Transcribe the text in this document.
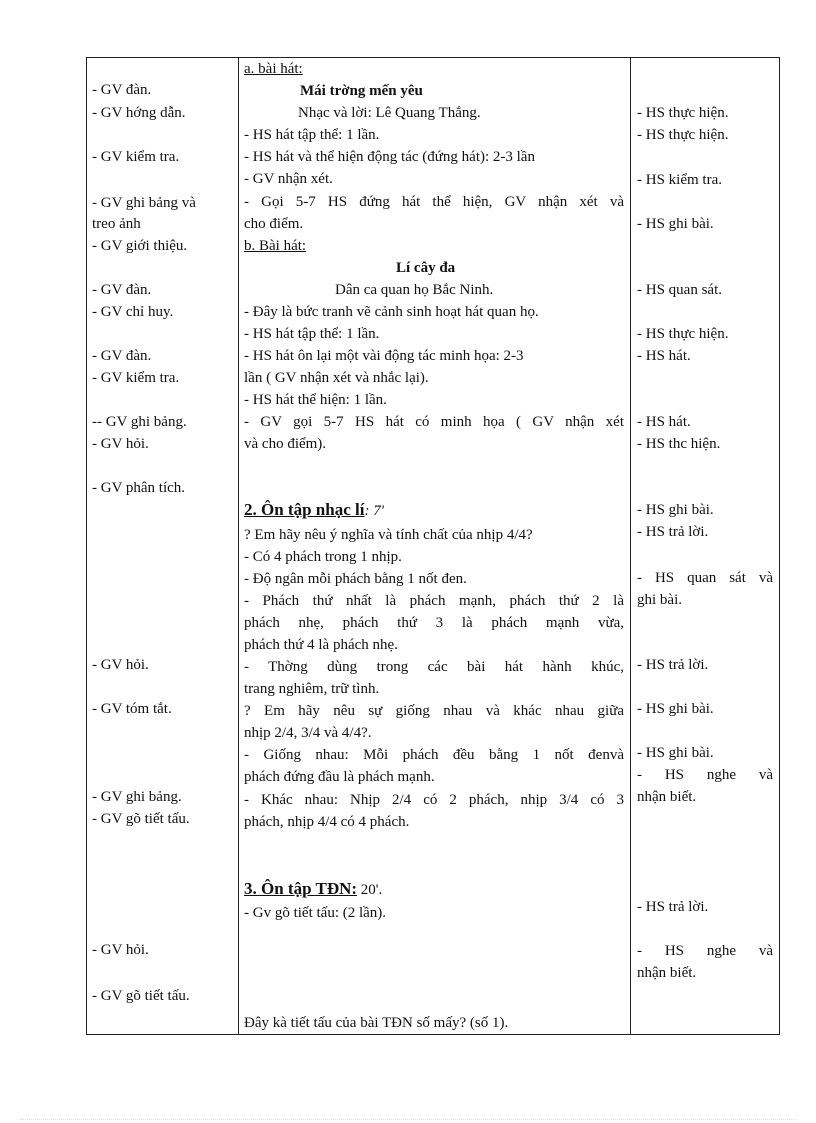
- GV đàn.
- GV hớng dẫn.
- GV kiểm tra.
- GV ghi bảng và
treo ảnh
- GV giới thiệu.
- GV đàn.
- GV chỉ huy.
- GV đàn.
- GV kiểm tra.
-- GV ghi bảng.
- GV hỏi.
- GV phân tích.
- GV hỏi.
- GV tóm tắt.
- GV ghi bảng.
- GV gõ tiết tấu.
- GV hỏi.
- GV gõ tiết tấu.
a. bài hát:
Mái trờng mến yêu
Nhạc và lời: Lê Quang Thắng.
- HS hát tập thể: 1 lần.
- HS hát và thể hiện động tác (đứng hát): 2-3 lần
- GV nhận xét.
- Gọi 5-7 HS đứng hát thể hiện, GV nhận xét và
cho điểm.
b. Bài hát:
Lí cây đa
Dân ca quan họ Bắc Ninh.
- Đây là bức tranh vẽ cảnh sinh hoạt hát quan họ.
- HS hát tập thể: 1 lần.
- HS hát ôn lại một vài động tác minh họa: 2-3
lần ( GV nhận xét và nhắc lại).
- HS hát thể hiện: 1 lần.
- GV gọi 5-7 HS hát có minh họa ( GV nhận xét
và cho điểm).
2. Ôn tập nhạc lí: 7'
? Em hãy nêu ý nghĩa và tính chất của nhịp 4/4?
- Có 4 phách trong 1 nhịp.
- Độ ngân mỗi phách bằng 1 nốt đen.
- Phách thứ nhất là phách mạnh, phách thứ 2 là
phách nhẹ, phách thứ 3 là phách mạnh vừa,
phách thứ 4 là phách nhẹ.
- Thờng dùng trong các bài hát hành khúc,
trang nghiêm, trữ tình.
? Em hãy nêu sự giống nhau và khác nhau giữa
nhịp 2/4, 3/4 và 4/4?.
- Giống nhau: Mỗi phách đều bằng 1 nốt đenvà
phách đứng đầu là phách mạnh.
- Khác nhau: Nhịp 2/4 có 2 phách, nhịp 3/4 có 3
phách, nhịp 4/4 có 4 phách.
3. Ôn tập TĐN: 20'.
- Gv gõ tiết tấu: (2 lần).
Đây kà tiết tấu của bài TĐN số mấy? (số 1).
- HS thực hiện.
- HS thực hiện.
- HS kiểm tra.
- HS ghi bài.
- HS quan sát.
- HS thực hiện.
- HS hát.
- HS hát.
- HS thc hiện.
- HS ghi bài.
- HS trả lời.
- HS quan sát và
ghi bài.
- HS trả lời.
- HS ghi bài.
- HS ghi bài.
- HS nghe và
nhận biết.
- HS trả lời.
- HS nghe và
nhận biết.
